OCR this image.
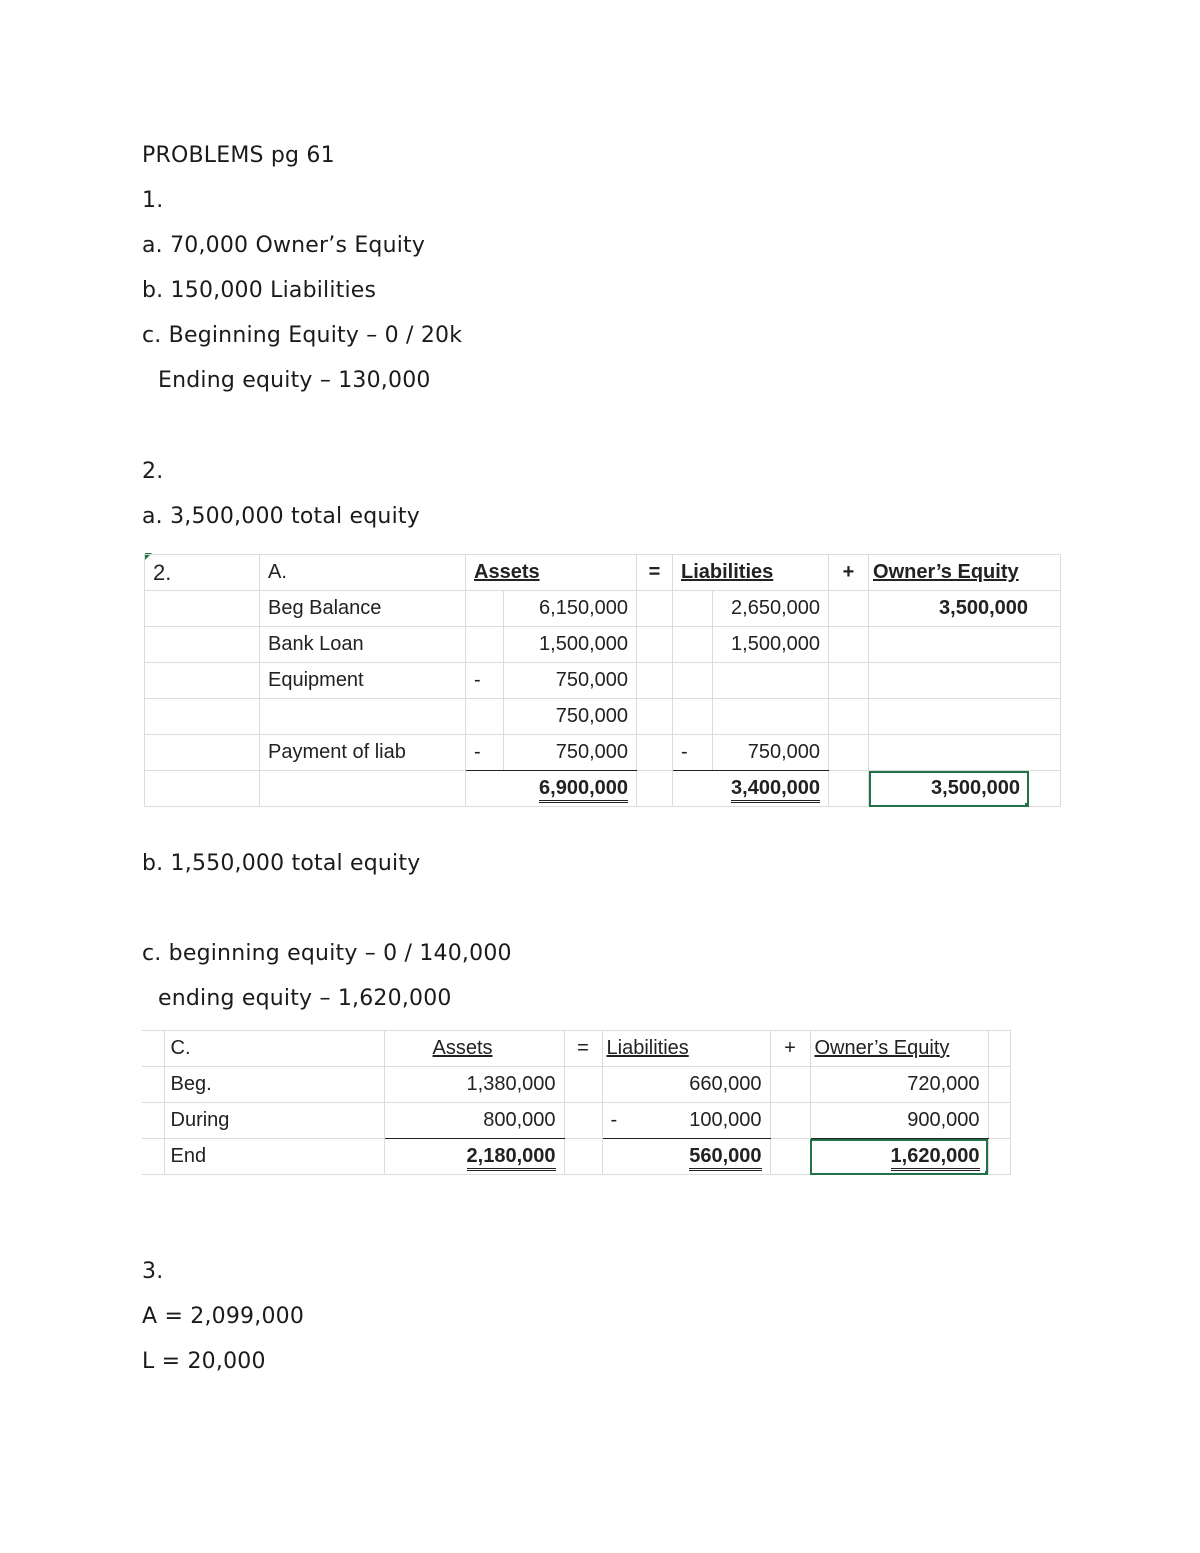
PROBLEMS pg 61
1.
a. 70,000 Owner’s Equity
b. 150,000 Liabilities
c. Beginning Equity – 0 / 20k
Ending equity – 130,000
2.
a. 3,500,000 total equity
2.	A.	Assets		=	Liabilities		+	Owner’s Equity	
	Beg Balance		6,150,000			2,650,000		3,500,000	
	Bank Loan		1,500,000			1,500,000			
	Equipment	-	750,000						
			750,000						
	Payment of liab	-	750,000		-	750,000			
		6,900,000			3,400,000			3,500,000	
b. 1,550,000 total equity
c. beginning equity – 0 / 140,000
ending equity – 1,620,000
	C.	Assets	=	Liabilities	+	Owner’s Equity	
	Beg.	1,380,000		660,000		720,000	
	During	800,000		- 100,000		900,000	
	End	2,180,000		560,000		1,620,000	
3.
A = 2,099,000
L = 20,000
